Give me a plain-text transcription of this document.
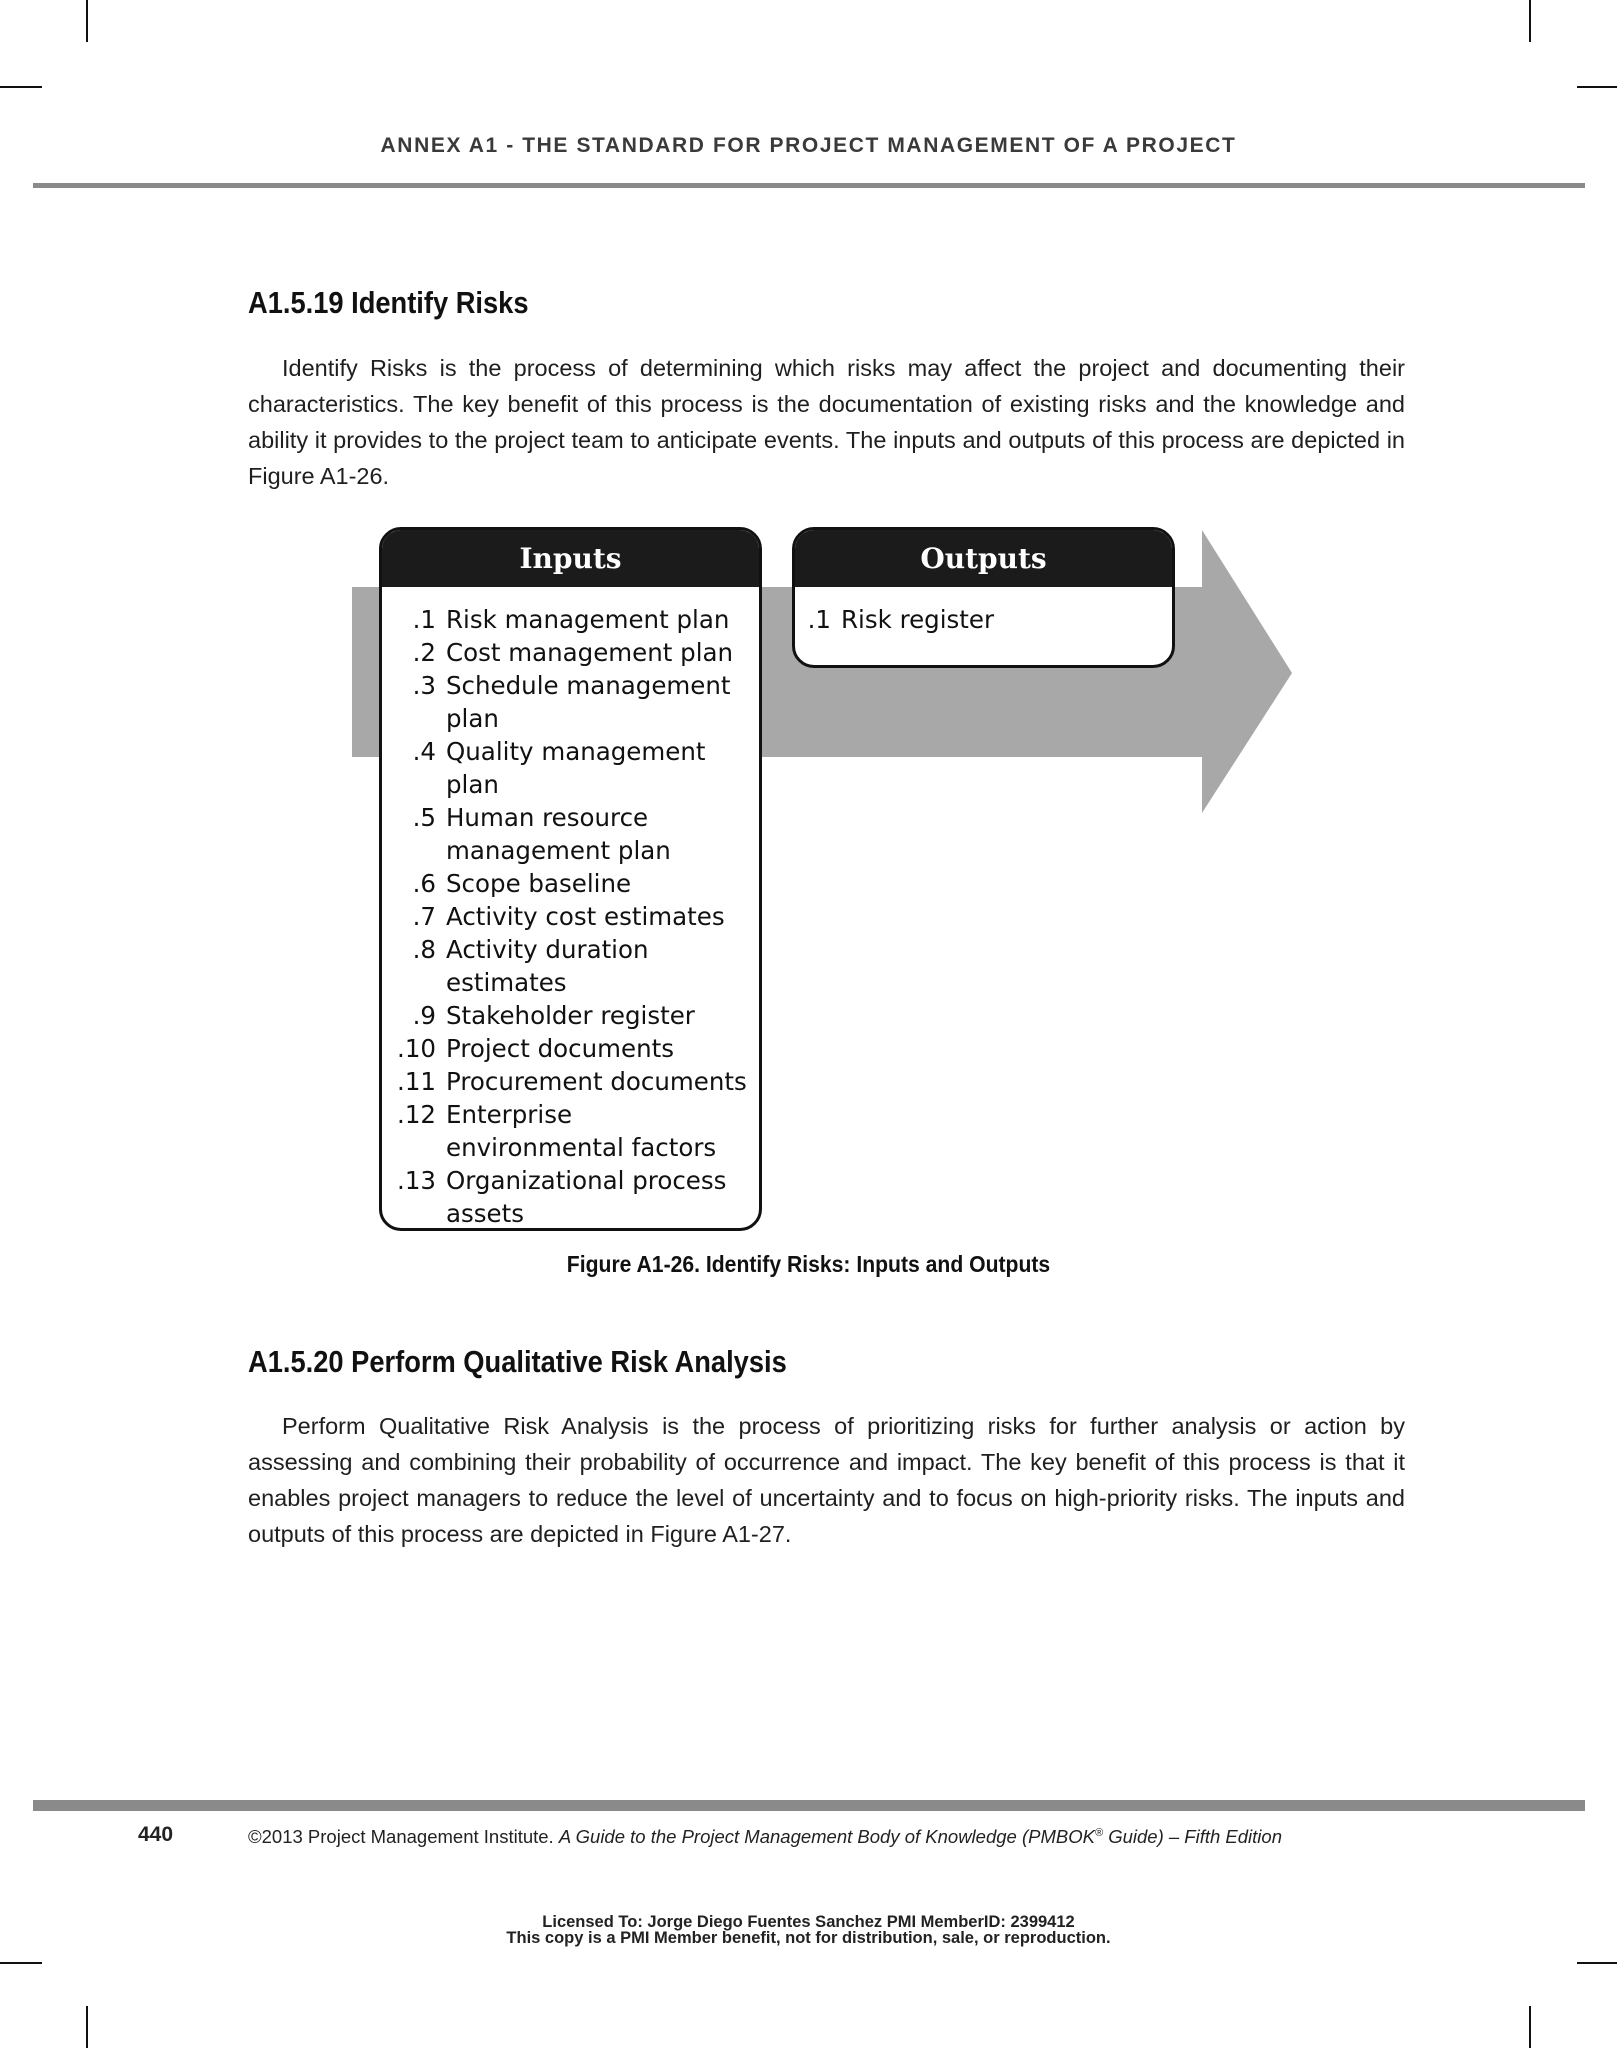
ANNEX A1 - THE STANDARD FOR PROJECT MANAGEMENT OF A PROJECT
A1.5.19 Identify Risks

Identify Risks is the process of determining which risks may affect the project and documenting their characteristics. The key benefit of this process is the documentation of existing risks and the knowledge and ability it provides to the project team to anticipate events. The inputs and outputs of this process are depicted in Figure A1-26.

Inputs
.1 Risk management plan
.2 Cost management plan
.3 Schedule management plan
.4 Quality management plan
.5 Human resource management plan
.6 Scope baseline
.7 Activity cost estimates
.8 Activity duration estimates
.9 Stakeholder register
.10 Project documents
.11 Procurement documents
.12 Enterprise environmental factors
.13 Organizational process assets
Outputs
.1 Risk register
Figure A1-26. Identify Risks: Inputs and Outputs
A1.5.20 Perform Qualitative Risk Analysis

Perform Qualitative Risk Analysis is the process of prioritizing risks for further analysis or action by assessing and combining their probability of occurrence and impact. The key benefit of this process is that it enables project managers to reduce the level of uncertainty and to focus on high-priority risks. The inputs and outputs of this process are depicted in Figure A1-27.

440	©2013 Project Management Institute. A Guide to the Project Management Body of Knowledge (PMBOK® Guide) – Fifth Edition
Licensed To: Jorge Diego Fuentes Sanchez PMI MemberID: 2399412
This copy is a PMI Member benefit, not for distribution, sale, or reproduction.
